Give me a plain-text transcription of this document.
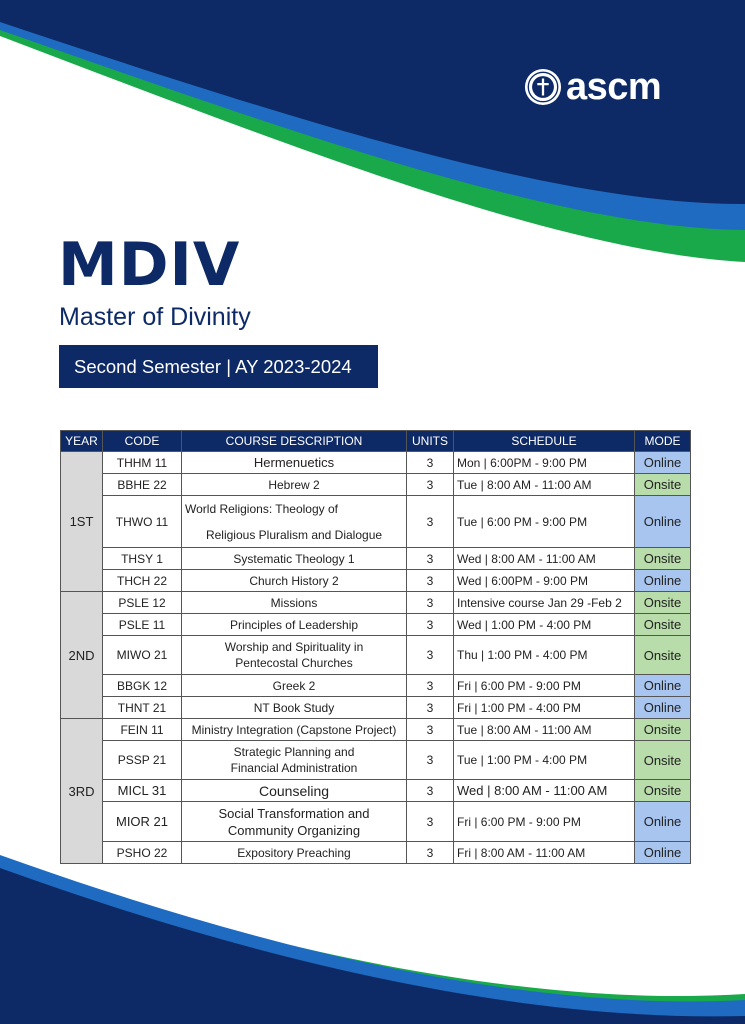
ascm
MDIV
Master of Divinity
Second Semester | AY 2023-2024
YEAR	CODE	COURSE DESCRIPTION	UNITS	SCHEDULE	MODE
1ST	THHM 11	Hermenuetics	3	Mon | 6:00PM - 9:00 PM	Online
	BBHE 22	Hebrew 2	3	Tue | 8:00 AM - 11:00 AM	Onsite
	THWO 11	World Religions: Theology of
Religious Pluralism and Dialogue	3	Tue | 6:00 PM - 9:00 PM	Online
	THSY 1	Systematic Theology 1	3	Wed | 8:00 AM - 11:00 AM	Onsite
	THCH 22	Church History 2	3	Wed | 6:00PM - 9:00 PM	Online
2ND	PSLE 12	Missions	3	Intensive course Jan 29 -Feb 2	Onsite
	PSLE 11	Principles of Leadership	3	Wed | 1:00 PM - 4:00 PM	Onsite
	MIWO 21	Worship and Spirituality in
Pentecostal Churches	3	Thu | 1:00 PM - 4:00 PM	Onsite
	BBGK 12	Greek 2	3	Fri | 6:00 PM - 9:00 PM	Online
	THNT 21	NT Book Study	3	Fri | 1:00 PM - 4:00 PM	Online
3RD	FEIN 11	Ministry Integration (Capstone Project)	3	Tue | 8:00 AM - 11:00 AM	Onsite
	PSSP 21	Strategic Planning and
Financial Administration	3	Tue | 1:00 PM - 4:00 PM	Onsite
	MICL 31	Counseling	3	Wed | 8:00 AM - 11:00 AM	Onsite
	MIOR 21	Social Transformation and
Community Organizing	3	Fri | 6:00 PM - 9:00 PM	Online
	PSHO 22	Expository Preaching	3	Fri | 8:00 AM - 11:00 AM	Online
